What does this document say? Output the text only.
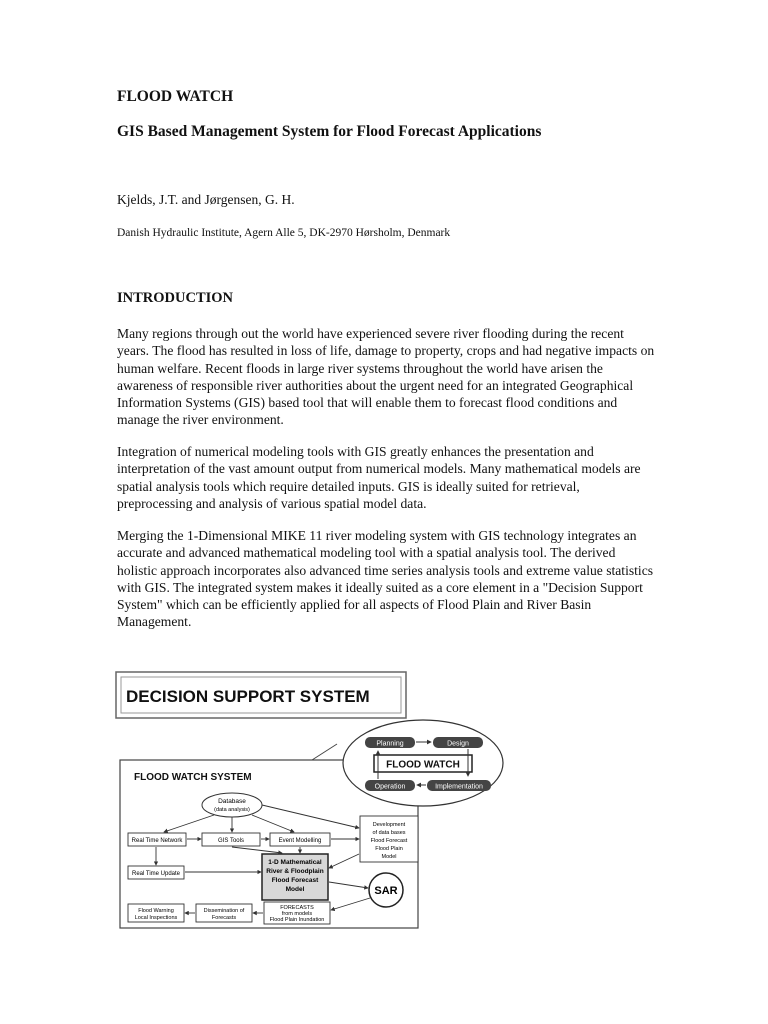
FLOOD WATCH
GIS Based Management System for Flood Forecast Applications

Kjelds, J.T. and Jørgensen, G. H.

Danish Hydraulic Institute, Agern Alle 5, DK-2970 Hørsholm, Denmark

INTRODUCTION

Many regions through out the world have experienced severe river flooding during the recent years. The flood has resulted in loss of life, damage to property, crops and had negative impacts on human welfare. Recent floods in large river systems throughout the world have arisen the awareness of responsible river authorities about the urgent need for an integrated Geographical Information Systems (GIS) based tool that will enable them to forecast flood conditions and manage the river environment.

Integration of numerical modeling tools with GIS greatly enhances the presentation and interpretation of the vast amount output from numerical models. Many mathematical models are spatial analysis tools which require detailed inputs. GIS is ideally suited for retrieval, preprocessing and analysis of various spatial model data.

Merging the 1-Dimensional MIKE 11 river modeling system with GIS technology integrates an accurate and advanced mathematical modeling tool with a spatial analysis tool. The derived holistic approach incorporates also advanced time series analysis tools and extreme value statistics with GIS. The integrated system makes it ideally suited as a core element in a "Decision Support System" which can be efficiently applied for all aspects of Flood Plain and River Basin Management.

DECISION SUPPORT SYSTEM
FLOOD WATCH SYSTEM
Planning	Design
Operation	Implementation
FLOOD WATCH
Database
(data analysis)
Real Time Network	GIS Tools	Event Modelling
Development
of data bases
Flood Forecast
Flood Plain
Model
1-D Mathematical
River & Floodplain
Flood Forecast
Model
Real Time Update
SAR
Flood Warning
Local Inspections
Dissemination of
Forecasts
FORECASTS
from models
Flood Plain Inundation
